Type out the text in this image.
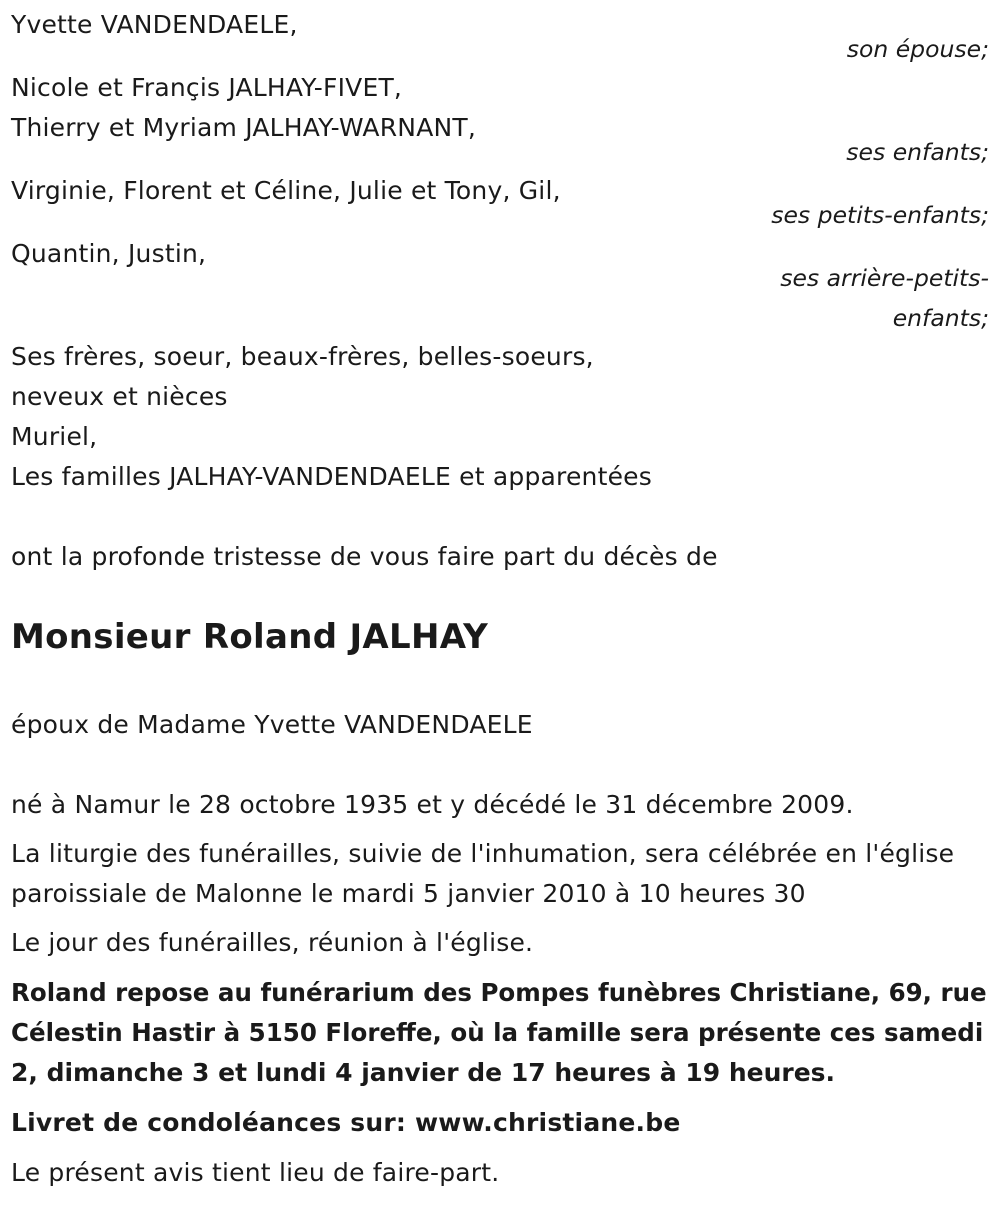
Yvette VANDENDAELE,
son épouse;
Nicole et Françis JALHAY-FIVET,
Thierry et Myriam JALHAY-WARNANT,
ses enfants;
Virginie, Florent et Céline, Julie et Tony, Gil,
ses petits-enfants;
Quantin, Justin,
ses arrière-petits-
enfants;
Ses frères, soeur, beaux-frères, belles-soeurs,
neveux et nièces
Muriel,
Les familles JALHAY-VANDENDAELE et apparentées
ont la profonde tristesse de vous faire part du décès de
Monsieur Roland JALHAY
époux de Madame Yvette VANDENDAELE
né à Namur le 28 octobre 1935 et y décédé le 31 décembre 2009.
La liturgie des funérailles, suivie de l'inhumation, sera célébrée en l'église
paroissiale de Malonne le mardi 5 janvier 2010 à 10 heures 30
Le jour des funérailles, réunion à l'église.
Roland repose au funérarium des Pompes funèbres Christiane, 69, rue
Célestin Hastir à 5150 Floreffe, où la famille sera présente ces samedi
2, dimanche 3 et lundi 4 janvier de 17 heures à 19 heures.
Livret de condoléances sur: www.christiane.be
Le présent avis tient lieu de faire-part.
